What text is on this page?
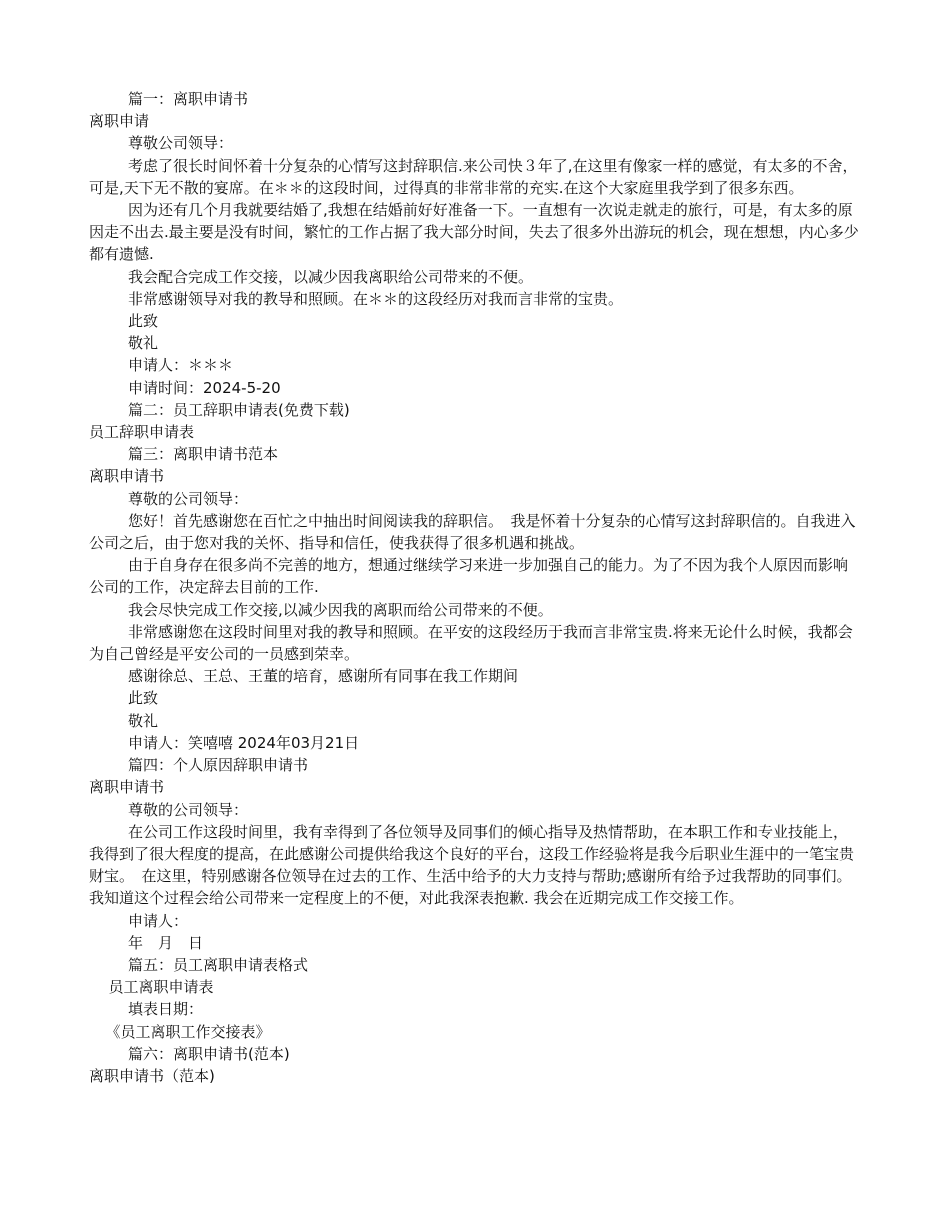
篇一：离职申请书

离职申请

尊敬公司领导：

考虑了很长时间怀着十分复杂的心情写这封辞职信.来公司快３年了,在这里有像家一样的感觉，有太多的不舍，可是,天下无不散的宴席。在＊＊的这段时间，过得真的非常非常的充实.在这个大家庭里我学到了很多东西。

因为还有几个月我就要结婚了,我想在结婚前好好准备一下。一直想有一次说走就走的旅行，可是，有太多的原因走不出去.最主要是没有时间，繁忙的工作占据了我大部分时间，失去了很多外出游玩的机会，现在想想，内心多少都有遗憾.

我会配合完成工作交接，以减少因我离职给公司带来的不便。

非常感谢领导对我的教导和照顾。在＊＊的这段经历对我而言非常的宝贵。

此致

敬礼

申请人：＊＊＊

申请时间：2024-5-20

篇二：员工辞职申请表(免费下载)

员工辞职申请表

篇三：离职申请书范本

离职申请书

尊敬的公司领导：

您好！首先感谢您在百忙之中抽出时间阅读我的辞职信。　我是怀着十分复杂的心情写这封辞职信的。自我进入公司之后，由于您对我的关怀、指导和信任，使我获得了很多机遇和挑战。

由于自身存在很多尚不完善的地方，想通过继续学习来进一步加强自己的能力。为了不因为我个人原因而影响公司的工作，决定辞去目前的工作.

我会尽快完成工作交接,以减少因我的离职而给公司带来的不便。

非常感谢您在这段时间里对我的教导和照顾。在平安的这段经历于我而言非常宝贵.将来无论什么时候，我都会为自己曾经是平安公司的一员感到荣幸。

感谢徐总、王总、王董的培育，感谢所有同事在我工作期间

此致

敬礼

申请人：笑嘻嘻 2024年03月21日

篇四：个人原因辞职申请书

离职申请书

尊敬的公司领导：

在公司工作这段时间里，我有幸得到了各位领导及同事们的倾心指导及热情帮助，在本职工作和专业技能上，我得到了很大程度的提高，在此感谢公司提供给我这个良好的平台，这段工作经验将是我今后职业生涯中的一笔宝贵财宝。　在这里，特别感谢各位领导在过去的工作、生活中给予的大力支持与帮助;感谢所有给予过我帮助的同事们。我知道这个过程会给公司带来一定程度上的不便，对此我深表抱歉. 我会在近期完成工作交接工作。

申请人：

年　月　日

篇五：员工离职申请表格式

员工离职申请表

填表日期：

《员工离职工作交接表》

篇六：离职申请书(范本)

离职申请书（范本)
